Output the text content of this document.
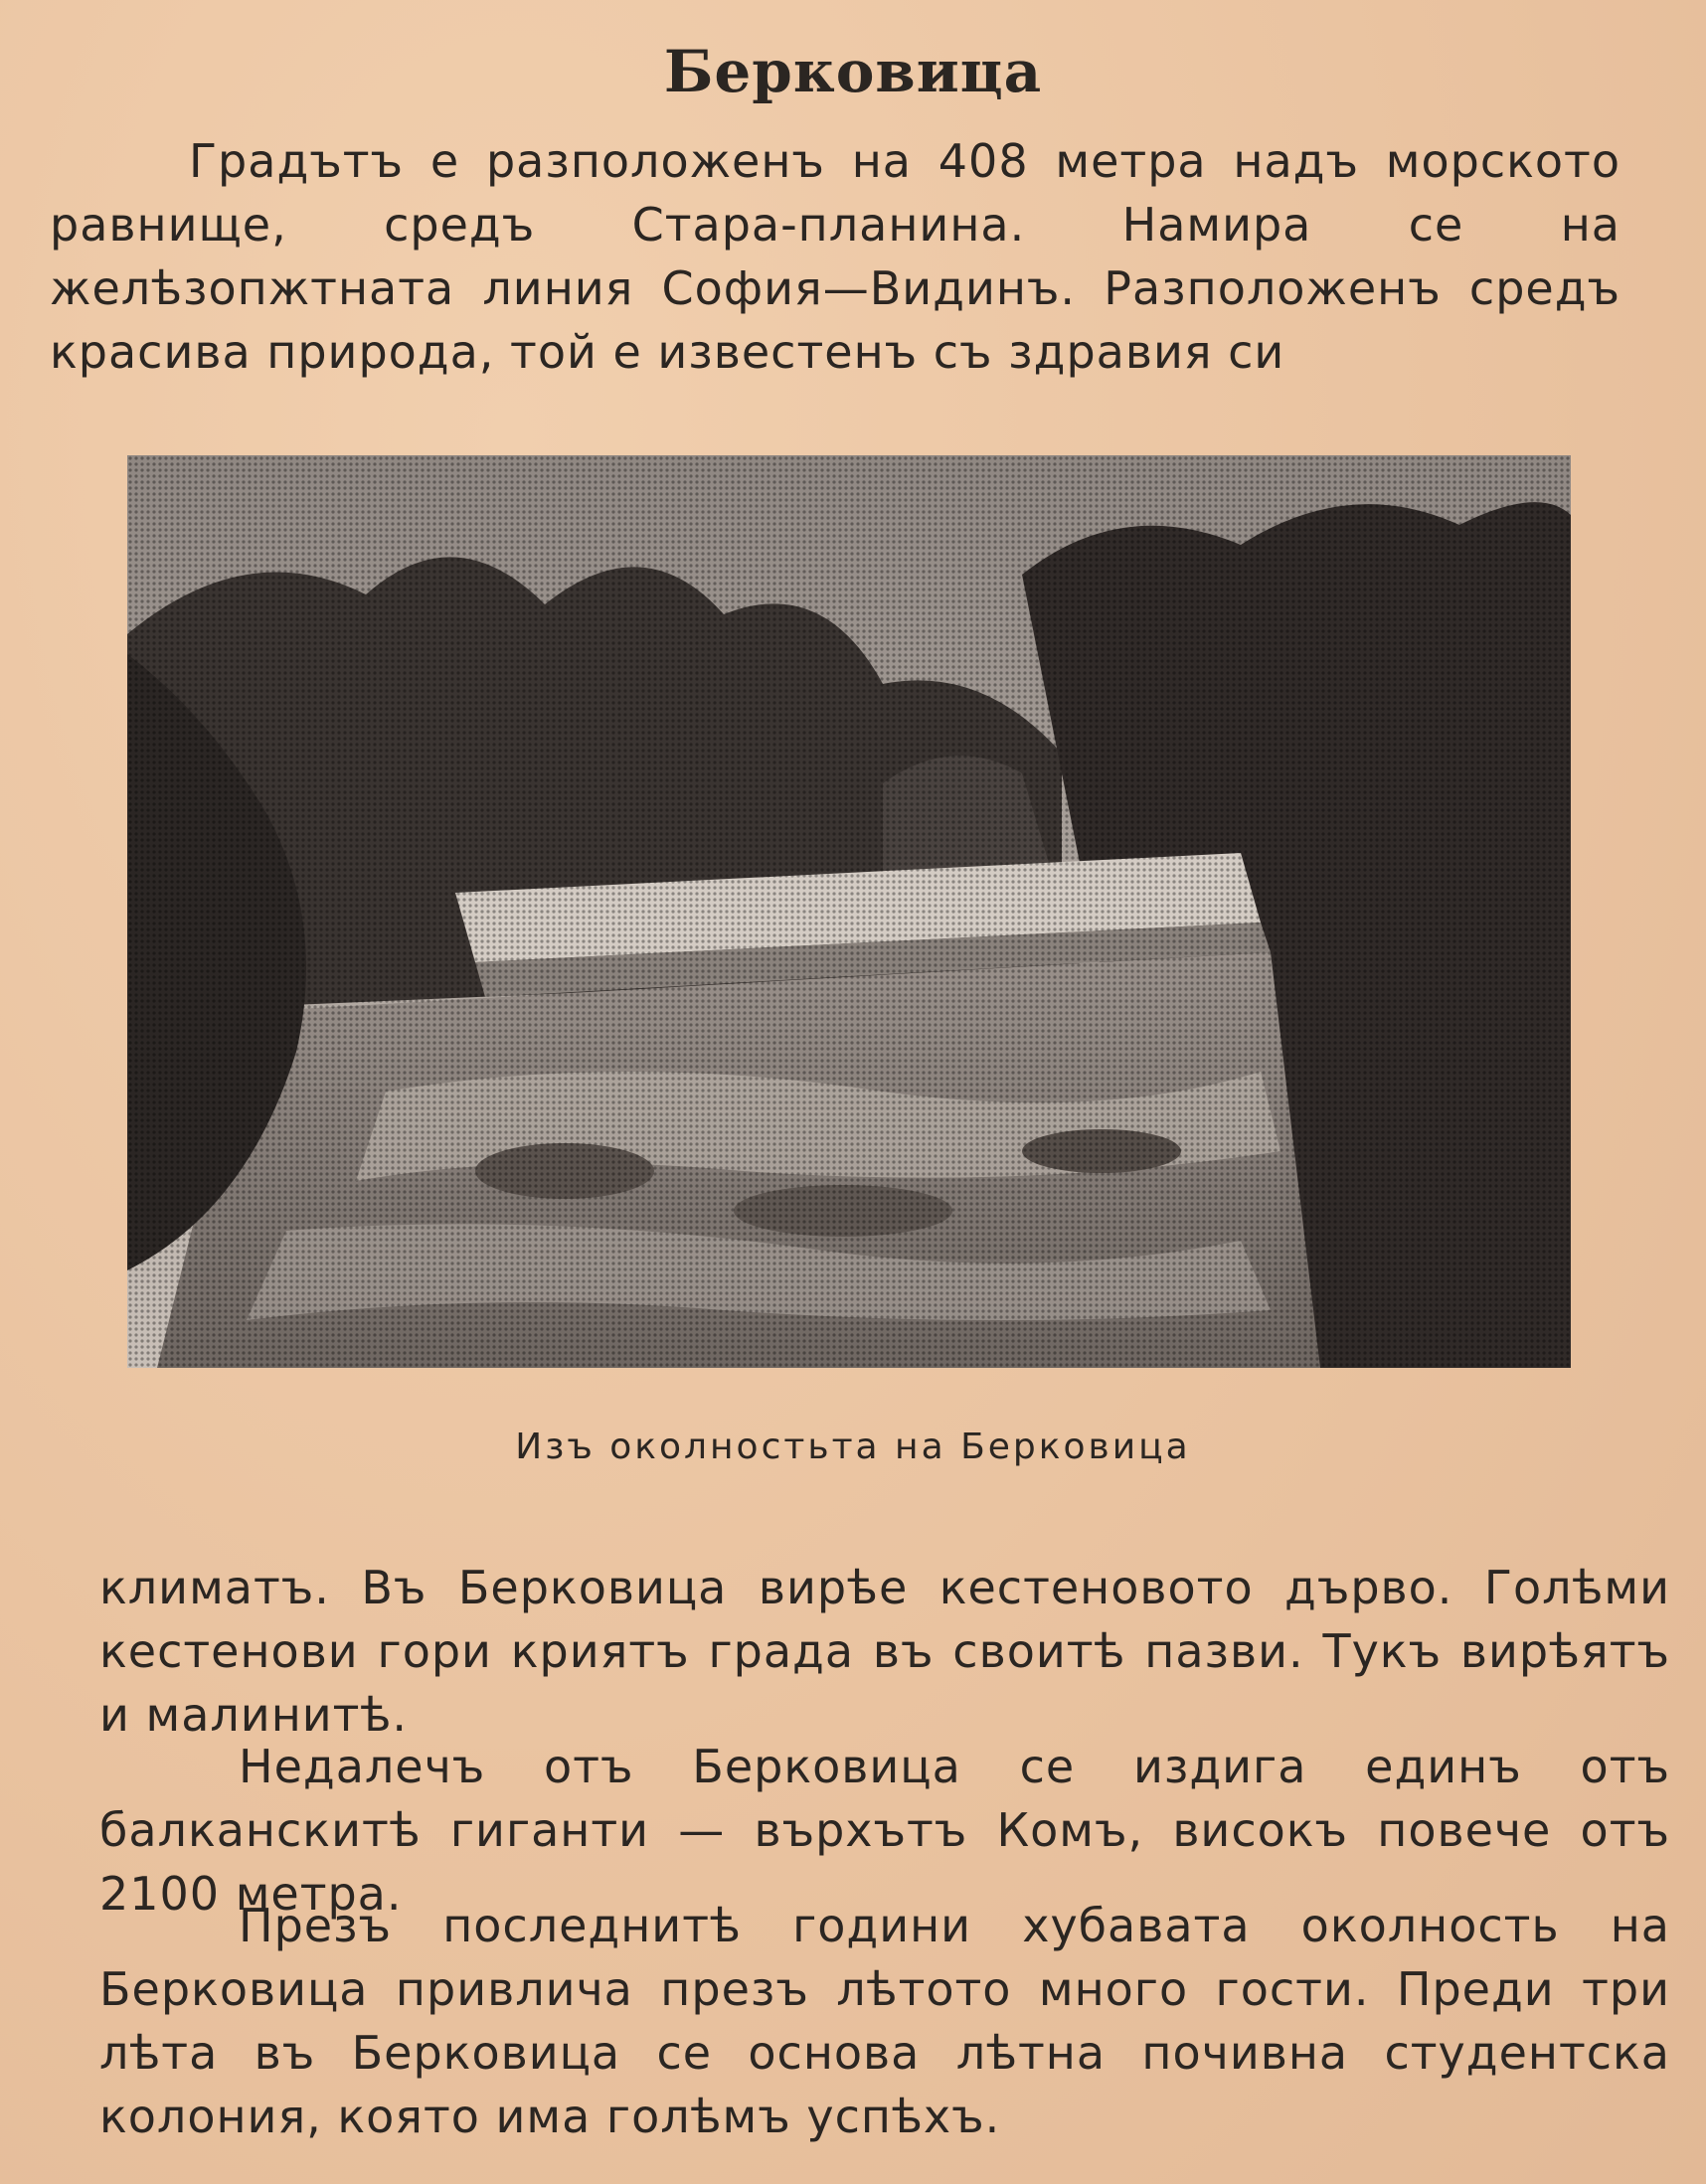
Берковица
Градътъ е разположенъ на 408 метра надъ морското равнище, средъ Стара-планина. Намира се на желѣзопжтната линия София—Видинъ. Разположенъ средъ красива природа, той е известенъ съ здравия си
Изъ околностьта на Берковица
климатъ. Въ Берковица вирѣе кестеновото дърво. Голѣми кестенови гори криятъ града въ своитѣ пазви. Тукъ вирѣятъ и малинитѣ.
Недалечъ отъ Берковица се издига единъ отъ балканскитѣ гиганти — върхътъ Комъ, високъ повече отъ 2100 метра.
Презъ последнитѣ години хубавата околность на Берковица привлича презъ лѣтото много гости. Преди три лѣта въ Берковица се основа лѣтна почивна студентска колония, която има голѣмъ успѣхъ.
